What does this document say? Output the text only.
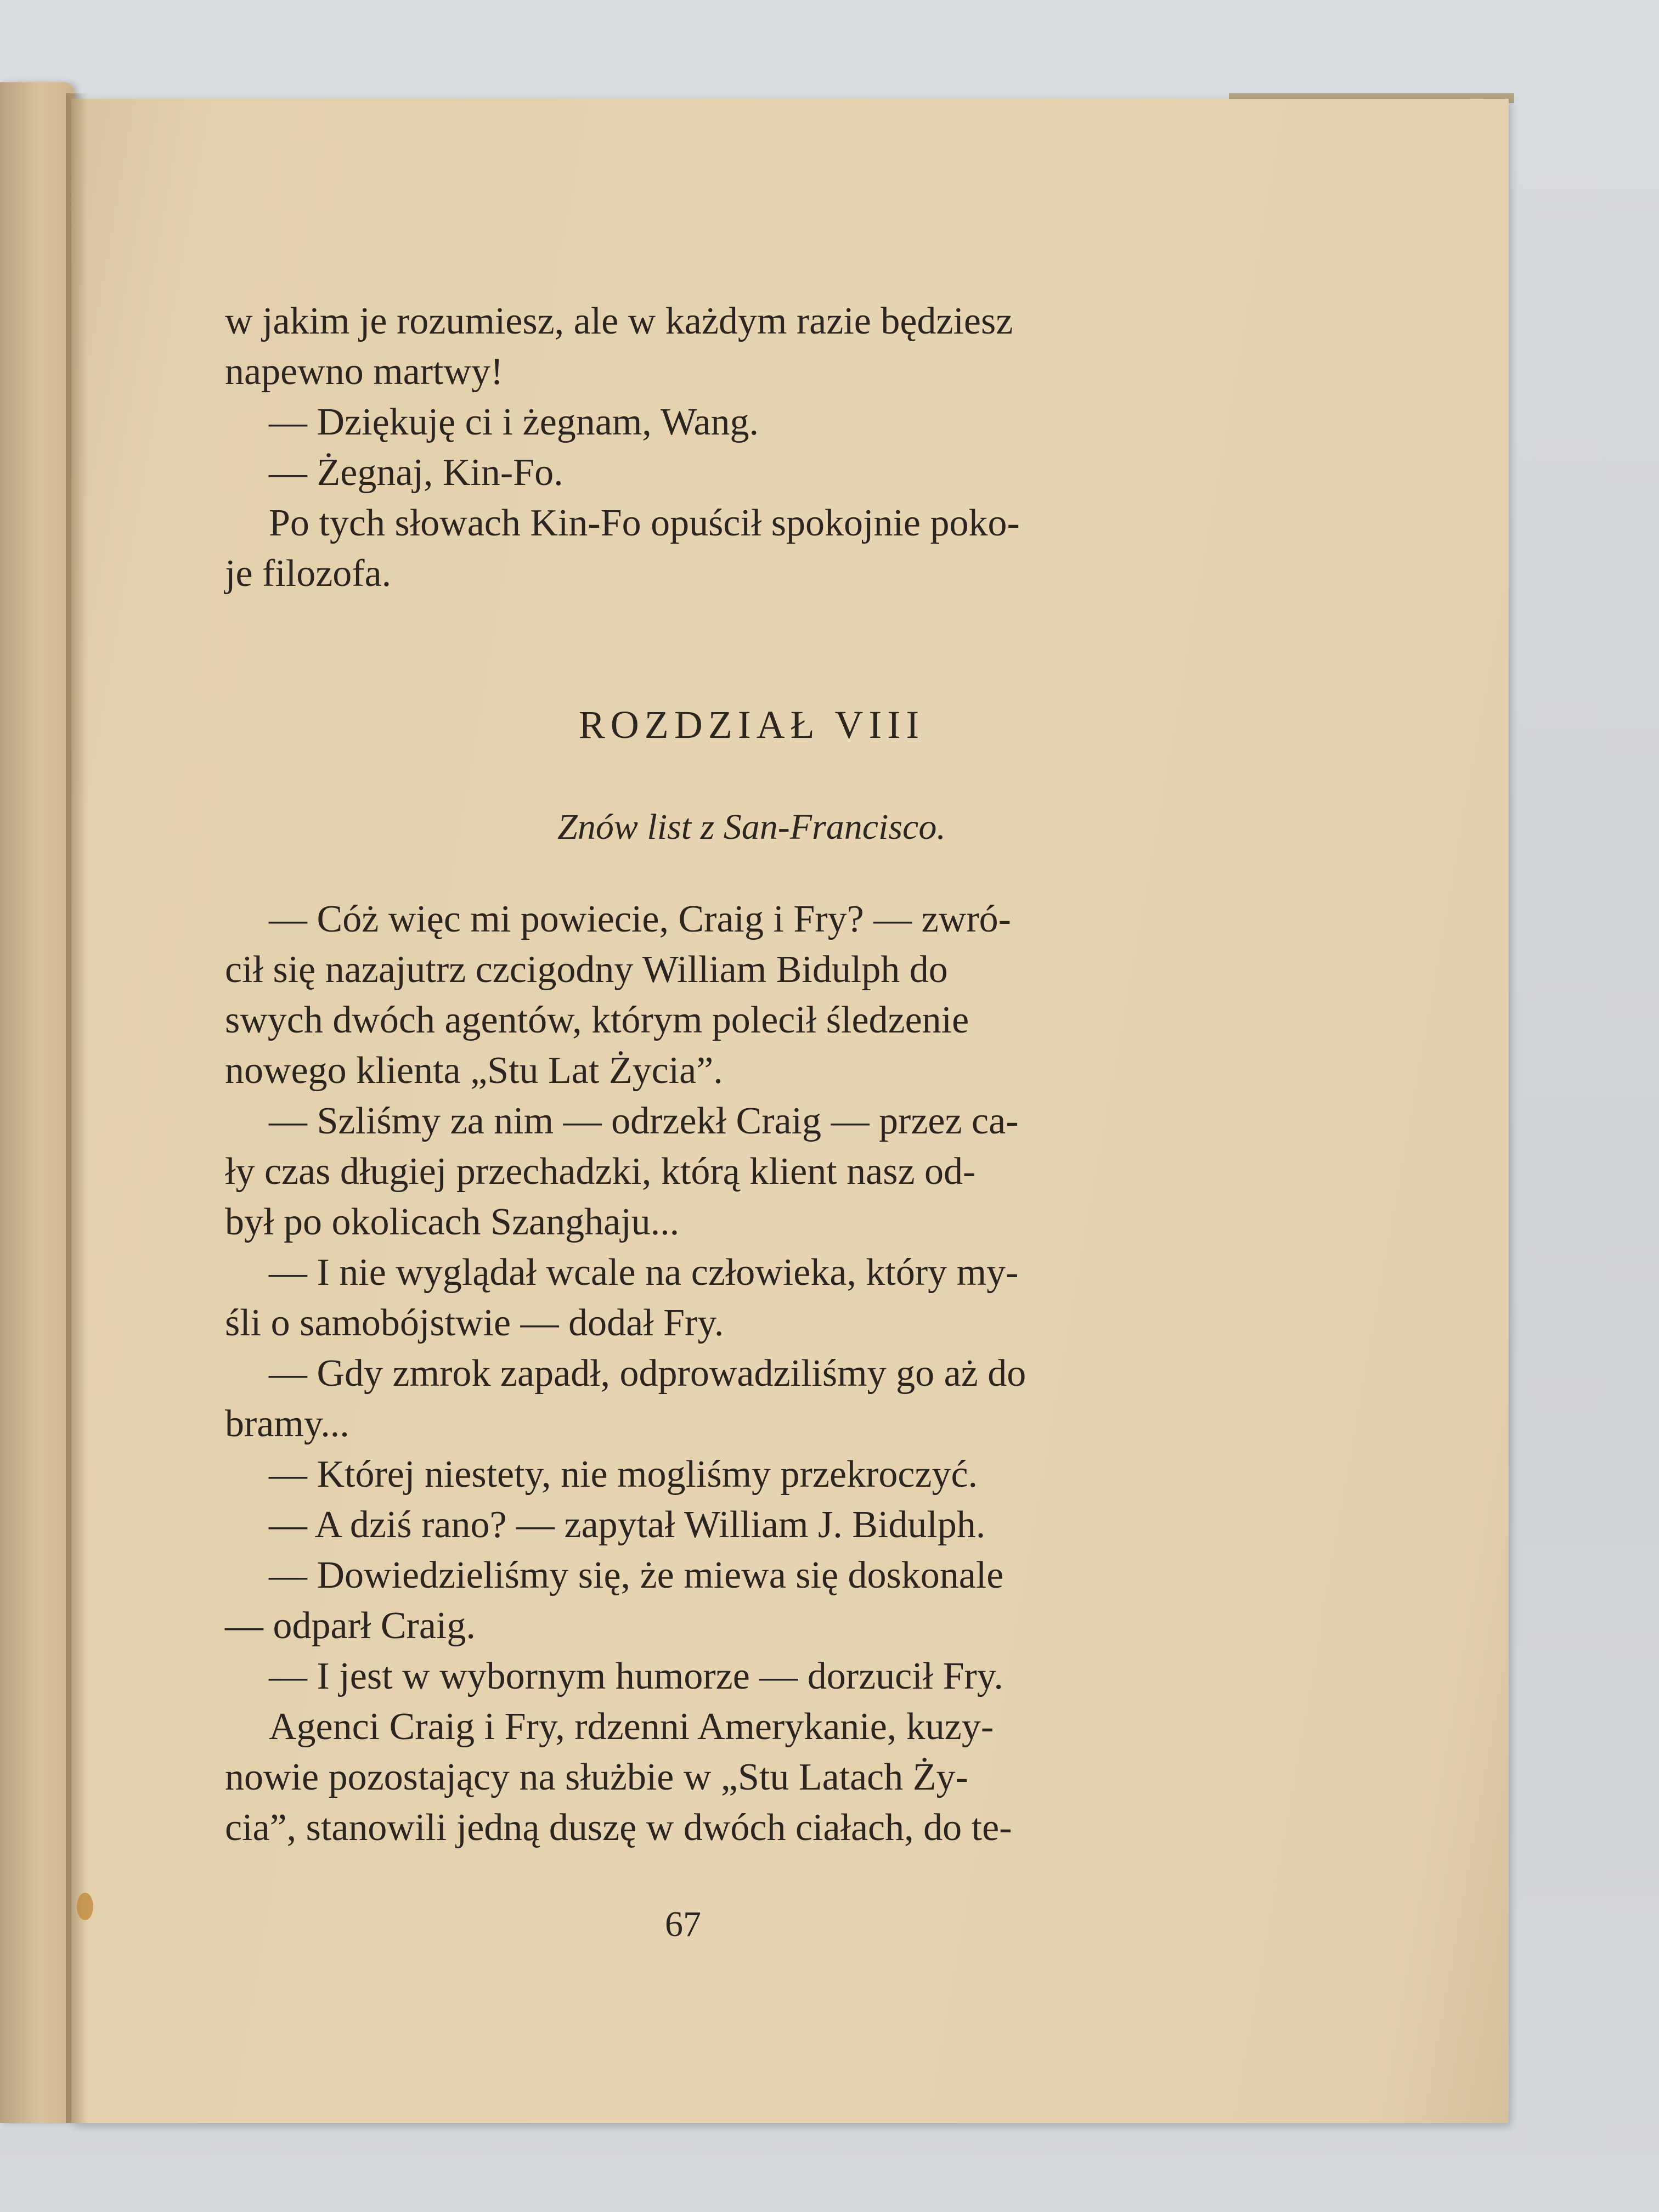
w jakim je rozumiesz, ale w każdym razie będziesz

napewno martwy!

— Dziękuję ci i żegnam, Wang.

— Żegnaj, Kin-Fo.

Po tych słowach Kin-Fo opuścił spokojnie poko-

je filozofa.

ROZDZIAŁ VIII
Znów list z San-Francisco.

— Cóż więc mi powiecie, Craig i Fry? — zwró-

cił się nazajutrz czcigodny William Bidulph do

swych dwóch agentów, którym polecił śledzenie

nowego klienta „Stu Lat Życia”.

— Szliśmy za nim — odrzekł Craig — przez ca-

ły czas długiej przechadzki, którą klient nasz od-

był po okolicach Szanghaju...

— I nie wyglądał wcale na człowieka, który my-

śli o samobójstwie — dodał Fry.

— Gdy zmrok zapadł, odprowadziliśmy go aż do

bramy...

— Której niestety, nie mogliśmy przekroczyć.

— A dziś rano? — zapytał William J. Bidulph.

— Dowiedzieliśmy się, że miewa się doskonale

— odparł Craig.

— I jest w wybornym humorze — dorzucił Fry.

Agenci Craig i Fry, rdzenni Amerykanie, kuzy-

nowie pozostający na służbie w „Stu Latach Ży-

cia”, stanowili jedną duszę w dwóch ciałach, do te-

67
